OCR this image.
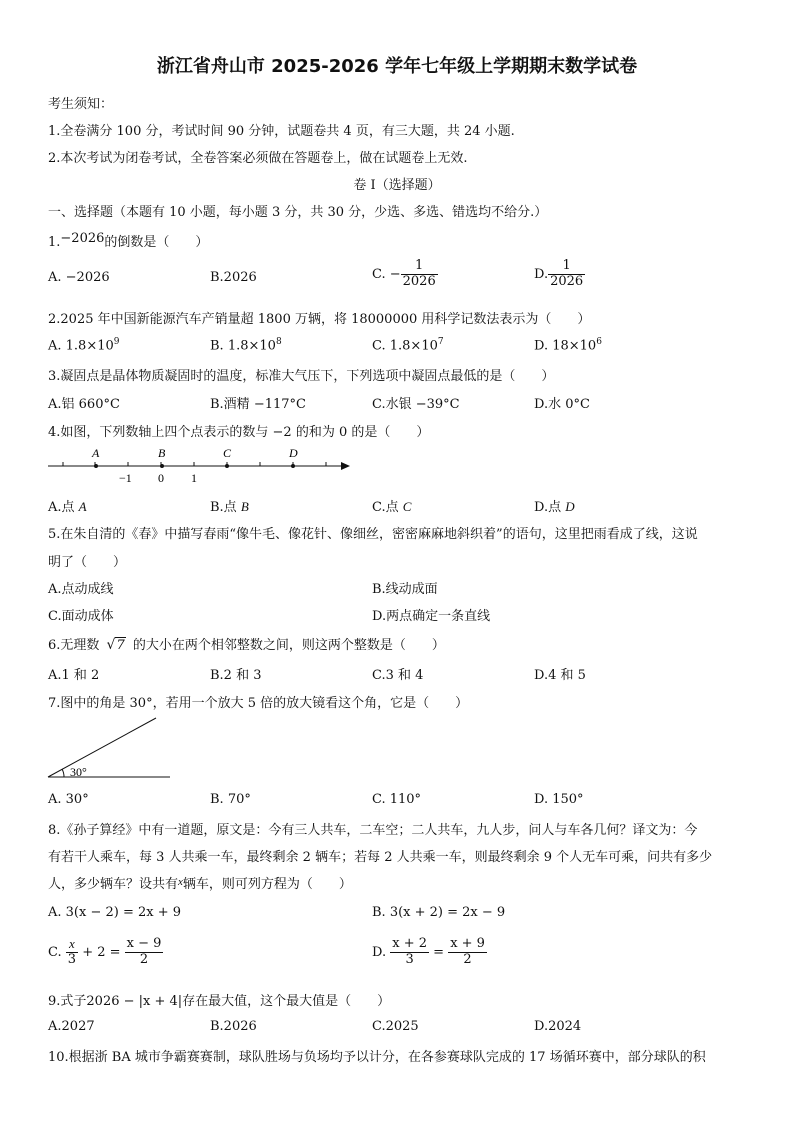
浙江省舟山市 2025-2026 学年七年级上学期期末数学试卷
考生须知：
1.全卷满分 100 分，考试时间 90 分钟，试题卷共 4 页，有三大题，共 24 小题.
2.本次考试为闭卷考试，全卷答案必须做在答题卷上，做在试题卷上无效.
卷 I（选择题）
一、选择题（本题有 10 小题，每小题 3 分，共 30 分，少选、多选、错选均不给分.）
1.$^{-2026}$的倒数是（　　）
A. −2026	B.2026	C. − $\frac{1}{2026}$	D. $\frac{1}{2026}$
2.2025 年中国新能源汽车产销量超 1800 万辆，将 18000000 用科学记数法表示为（　　）
A. $1.8\times 10^9$	B. $1.8\times 10^8$	C. $1.8\times 10^7$	D. $18\times 10^6$
3.凝固点是晶体物质凝固时的温度，标准大气压下，下列选项中凝固点最低的是（　　）
A.铝 660°C	B.酒精 −117°C	C.水银 −39°C	D.水 0°C
4.如图，下列数轴上四个点表示的数与 −2 的和为 0 的是（　　）
A	B	C	D
−1 0 1
A.点 A	B.点 B	C.点 C	D.点 D
5.在朱自清的《春》中描写春雨“像牛毛、像花针、像细丝，密密麻麻地斜织着”的语句，这里把雨看成了线，这说
明了（　　）
A.点动成线	B.线动成面
C.面动成体	D.两点确定一条直线
6.无理数 √7 的大小在两个相邻整数之间，则这两个整数是（　　）
A.1 和 2	B.2 和 3	C.3 和 4	D.4 和 5
7.图中的角是 30°，若用一个放大 5 倍的放大镜看这个角，它是（　　）
30°
A. 30°	B. 70°	C. 110°	D. 150°
8.《孙子算经》中有一道题，原文是：今有三人共车，二车空；二人共车，九人步，问人与车各几何？译文为：今
有若干人乘车，每 3 人共乘一车，最终剩余 2 辆车；若每 2 人共乘一车，则最终剩余 9 个人无车可乘，问共有多少
人，多少辆车？设共有$^x$辆车，则可列方程为（　　）
A. 3(x − 2) = 2x + 9	B. 3(x + 2) = 2x − 9
C. $\frac{x}{3} + 2 = \frac{x - 9}{2}$	D. $\frac{x + 2}{3} = \frac{x + 9}{2}$
9.式子2026 − |x + 4|存在最大值，这个最大值是（　　）
A.2027	B.2026	C.2025	D.2024
10.根据浙 BA 城市争霸赛赛制，球队胜场与负场均予以计分，在各参赛球队完成的 17 场循环赛中，部分球队的积
